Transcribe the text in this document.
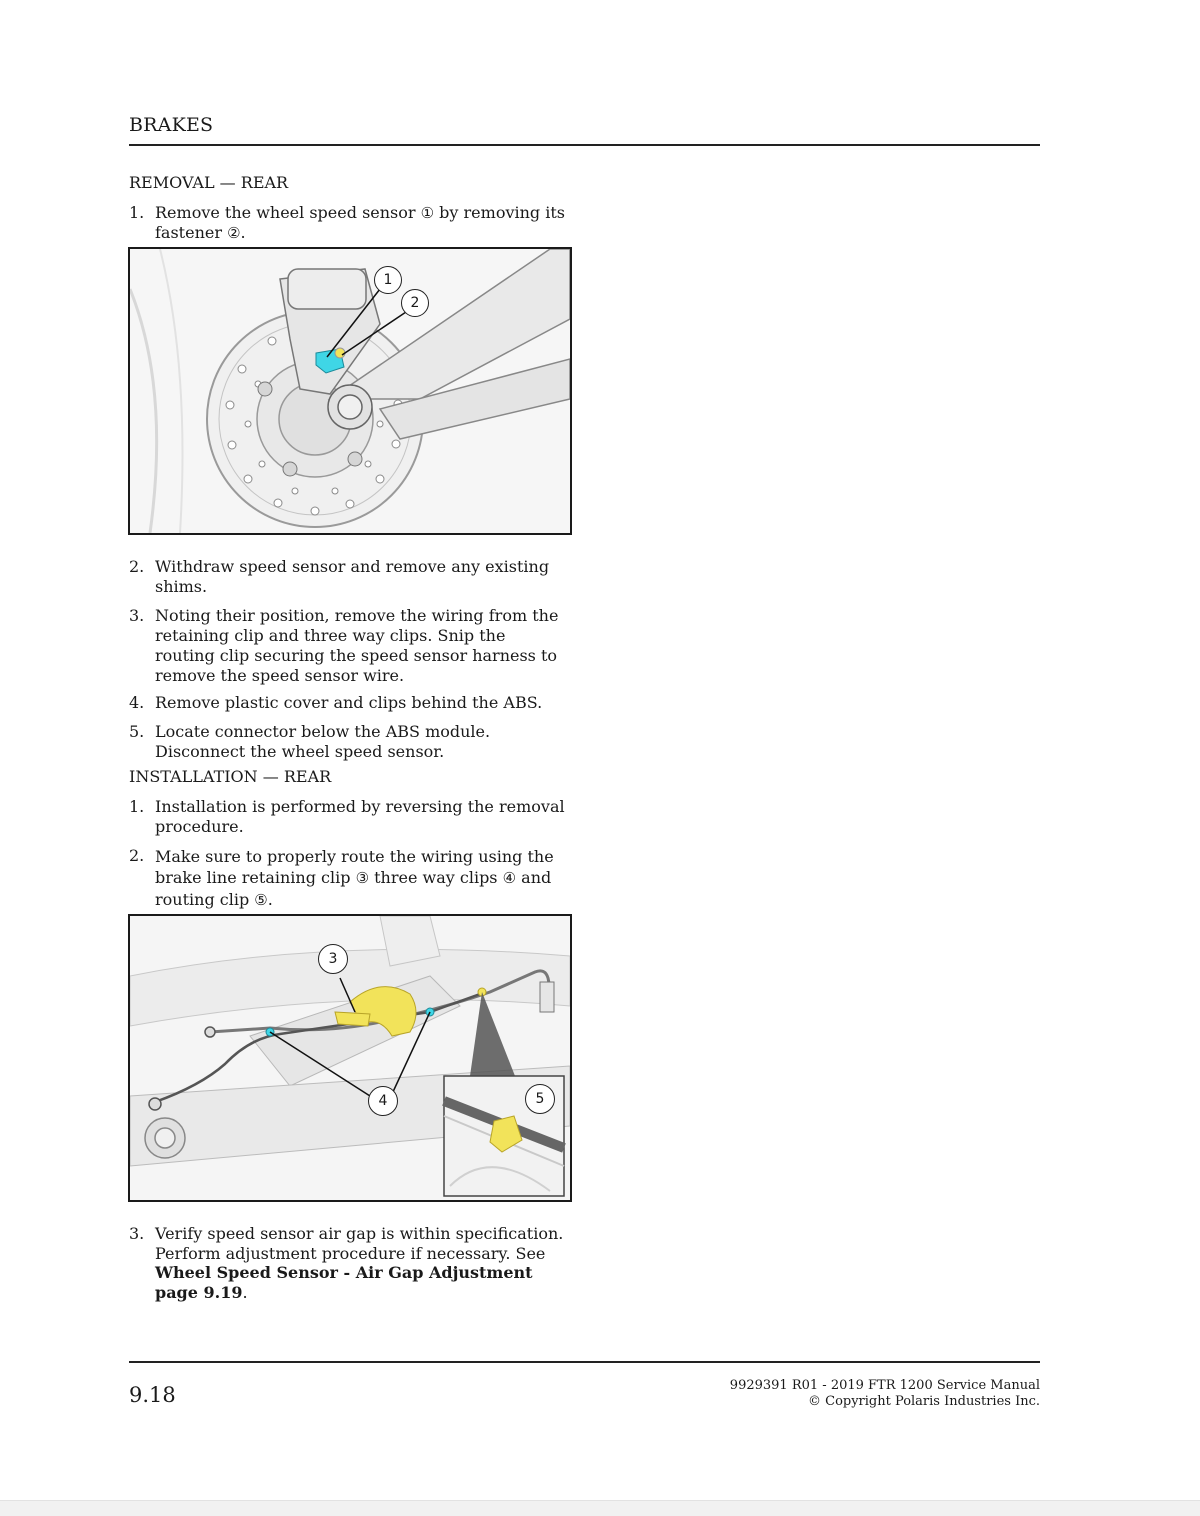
BRAKES
REMOVAL — REAR
1. Remove the wheel speed sensor ① by removing its fastener ②.
1
2
2. Withdraw speed sensor and remove any existing shims.
3. Noting their position, remove the wiring from the retaining clip and three way clips. Snip the routing clip securing the speed sensor harness to remove the speed sensor wire.
4. Remove plastic cover and clips behind the ABS.
5. Locate connector below the ABS module. Disconnect the wheel speed sensor.
INSTALLATION — REAR
1. Installation is performed by reversing the removal procedure.
2. Make sure to properly route the wiring using the brake line retaining clip ③ three way clips ④ and routing clip ⑤.
3
4	5
3. Verify speed sensor air gap is within specification. Perform adjustment procedure if necessary. See Wheel Speed Sensor - Air Gap Adjustment page 9.19.
9.18	9929391 R01 - 2019 FTR 1200 Service Manual
© Copyright Polaris Industries Inc.
